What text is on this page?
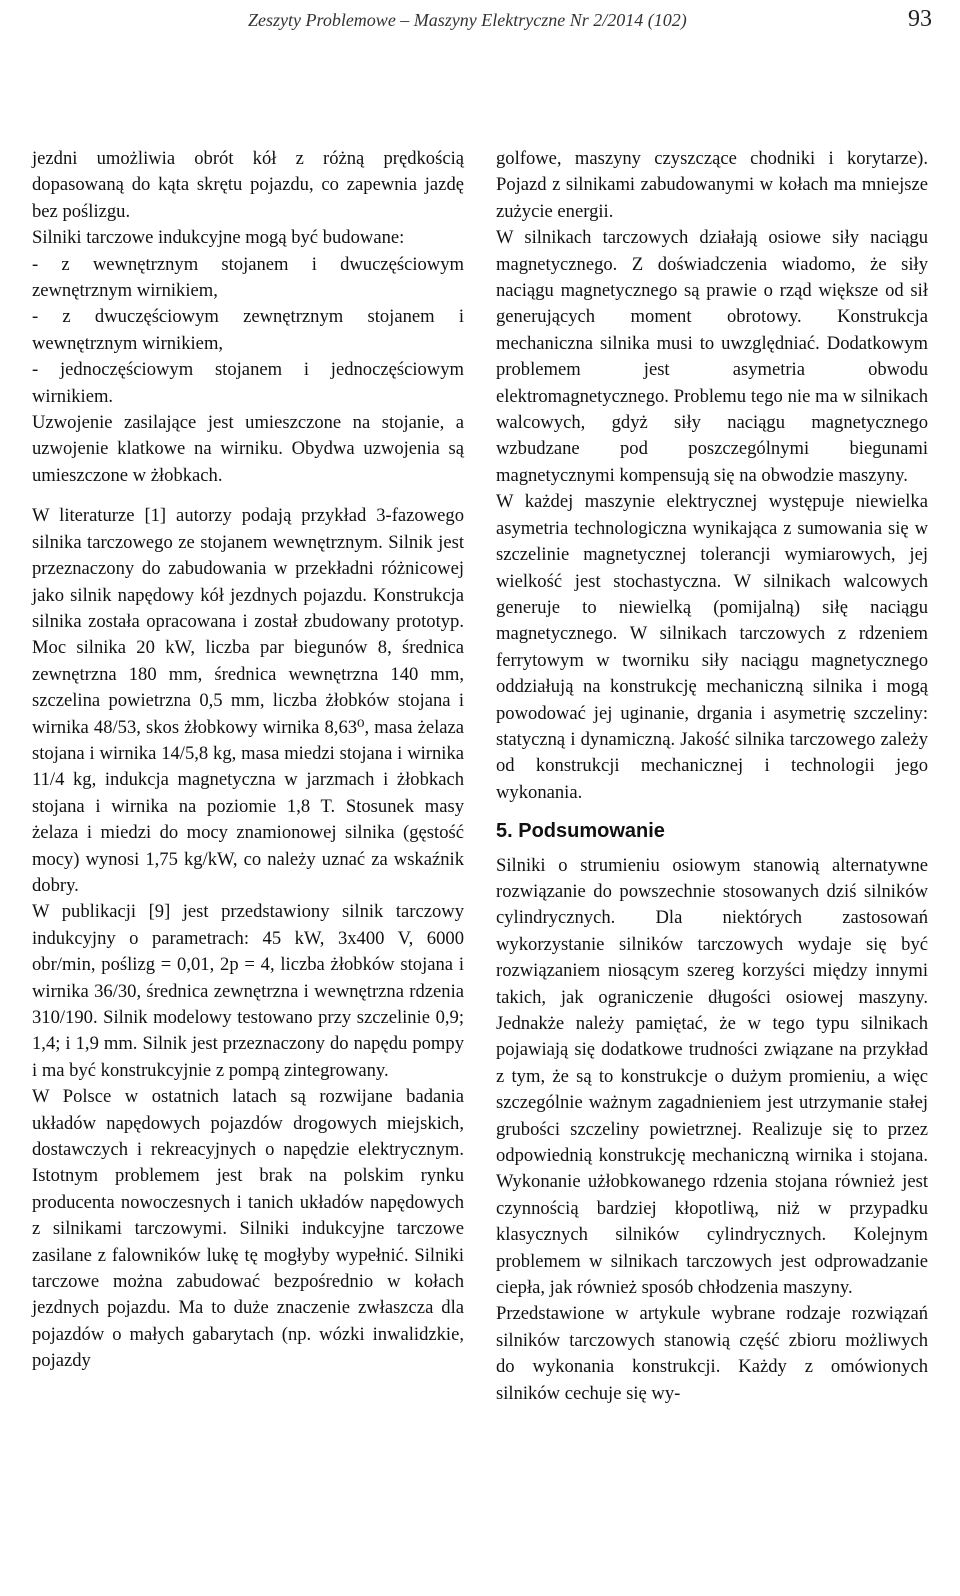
Zeszyty Problemowe – Maszyny Elektryczne Nr 2/2014 (102)	93

jezdni umożliwia obrót kół z różną prędkością dopasowaną do kąta skrętu pojazdu, co zapewnia jazdę bez poślizgu.

Silniki tarczowe indukcyjne mogą być budowane:

- z wewnętrznym stojanem i dwuczęściowym zewnętrznym wirnikiem,

- z dwuczęściowym zewnętrznym stojanem i wewnętrznym wirnikiem,

- jednoczęściowym stojanem i jednoczęściowym wirnikiem.

Uzwojenie zasilające jest umieszczone na stojanie, a uzwojenie klatkowe na wirniku. Obydwa uzwojenia są umieszczone w żłobkach.

W literaturze [1] autorzy podają przykład 3-fazowego silnika tarczowego ze stojanem wewnętrznym. Silnik jest przeznaczony do zabudowania w przekładni różnicowej jako silnik napędowy kół jezdnych pojazdu. Konstrukcja silnika została opracowana i został zbudowany prototyp. Moc silnika 20 kW, liczba par biegunów 8, średnica zewnętrzna 180 mm, średnica wewnętrzna 140 mm, szczelina powietrzna 0,5 mm, liczba żłobków stojana i wirnika 48/53, skos żłobkowy wirnika 8,63⁰, masa żelaza stojana i wirnika 14/5,8 kg, masa miedzi stojana i wirnika 11/4 kg, indukcja magnetyczna w jarzmach i żłobkach stojana i wirnika na poziomie 1,8 T. Stosunek masy żelaza i miedzi do mocy znamionowej silnika (gęstość mocy) wynosi 1,75 kg/kW, co należy uznać za wskaźnik dobry.

W publikacji [9] jest przedstawiony silnik tarczowy indukcyjny o parametrach: 45 kW, 3x400 V, 6000 obr/min, poślizg = 0,01, 2p = 4, liczba żłobków stojana i wirnika 36/30, średnica zewnętrzna i wewnętrzna rdzenia 310/190. Silnik modelowy testowano przy szczelinie 0,9; 1,4; i 1,9 mm. Silnik jest przeznaczony do napędu pompy i ma być konstrukcyjnie z pompą zintegrowany.

W Polsce w ostatnich latach są rozwijane badania układów napędowych pojazdów drogowych miejskich, dostawczych i rekreacyjnych o napędzie elektrycznym. Istotnym problemem jest brak na polskim rynku producenta nowoczesnych i tanich układów napędowych z silnikami tarczowymi. Silniki indukcyjne tarczowe zasilane z falowników lukę tę mogłyby wypełnić. Silniki tarczowe można zabudować bezpośrednio w kołach jezdnych pojazdu. Ma to duże znaczenie zwłaszcza dla pojazdów o małych gabarytach (np. wózki inwalidzkie, pojazdy

golfowe, maszyny czyszczące chodniki i korytarze). Pojazd z silnikami zabudowanymi w kołach ma mniejsze zużycie energii.

W silnikach tarczowych działają osiowe siły naciągu magnetycznego. Z doświadczenia wiadomo, że siły naciągu magnetycznego są prawie o rząd większe od sił generujących moment obrotowy. Konstrukcja mechaniczna silnika musi to uwzględniać. Dodatkowym problemem jest asymetria obwodu elektromagnetycznego. Problemu tego nie ma w silnikach walcowych, gdyż siły naciągu magnetycznego wzbudzane pod poszczególnymi biegunami magnetycznymi kompensują się na obwodzie maszyny.

W każdej maszynie elektrycznej występuje niewielka asymetria technologiczna wynikająca z sumowania się w szczelinie magnetycznej tolerancji wymiarowych, jej wielkość jest stochastyczna. W silnikach walcowych generuje to niewielką (pomijalną) siłę naciągu magnetycznego. W silnikach tarczowych z rdzeniem ferrytowym w tworniku siły naciągu magnetycznego oddziałują na konstrukcję mechaniczną silnika i mogą powodować jej uginanie, drgania i asymetrię szczeliny: statyczną i dynamiczną. Jakość silnika tarczowego zależy od konstrukcji mechanicznej i technologii jego wykonania.

5. Podsumowanie

Silniki o strumieniu osiowym stanowią alternatywne rozwiązanie do powszechnie stosowanych dziś silników cylindrycznych. Dla niektórych zastosowań wykorzystanie silników tarczowych wydaje się być rozwiązaniem niosącym szereg korzyści między innymi takich, jak ograniczenie długości osiowej maszyny. Jednakże należy pamiętać, że w tego typu silnikach pojawiają się dodatkowe trudności związane na przykład z tym, że są to konstrukcje o dużym promieniu, a więc szczególnie ważnym zagadnieniem jest utrzymanie stałej grubości szczeliny powietrznej. Realizuje się to przez odpowiednią konstrukcję mechaniczną wirnika i stojana. Wykonanie użłobkowanego rdzenia stojana również jest czynnością bardziej kłopotliwą, niż w przypadku klasycznych silników cylindrycznych. Kolejnym problemem w silnikach tarczowych jest odprowadzanie ciepła, jak również sposób chłodzenia maszyny.

Przedstawione w artykule wybrane rodzaje rozwiązań silników tarczowych stanowią część zbioru możliwych do wykonania konstrukcji. Każdy z omówionych silników cechuje się wy-
